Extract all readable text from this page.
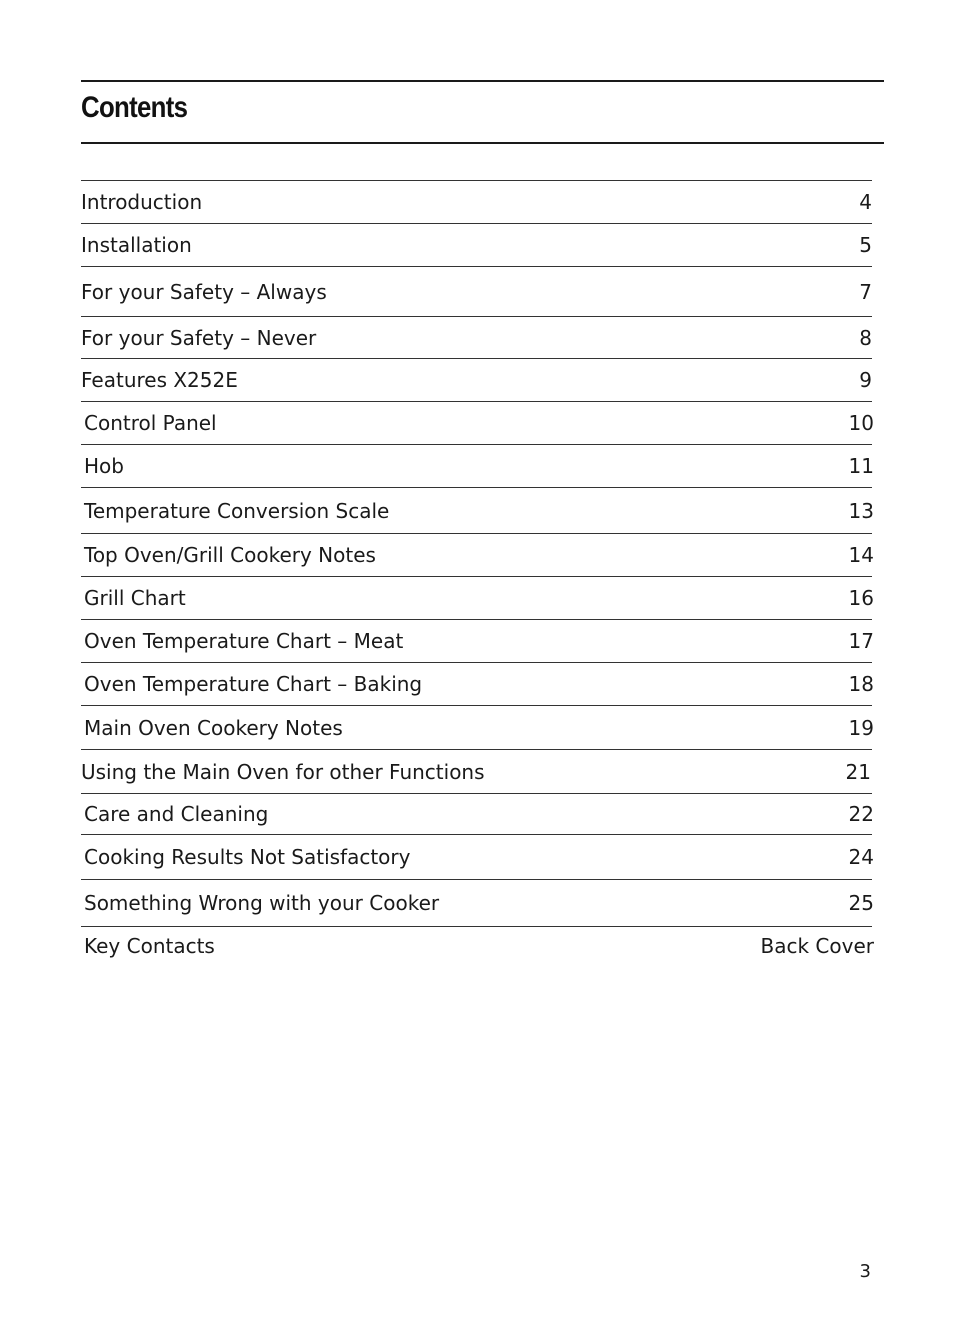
Contents
Introduction	4
Installation	5
For your Safety – Always	7
For your Safety – Never	8
Features X252E	9
Control Panel	10
Hob	11
Temperature Conversion Scale	13
Top Oven/Grill Cookery Notes	14
Grill Chart	16
Oven Temperature Chart – Meat	17
Oven Temperature Chart – Baking	18
Main Oven Cookery Notes	19
Using the Main Oven for other Functions	21
Care and Cleaning	22
Cooking Results Not Satisfactory	24
Something Wrong with your Cooker	25
Key Contacts	Back Cover
3
